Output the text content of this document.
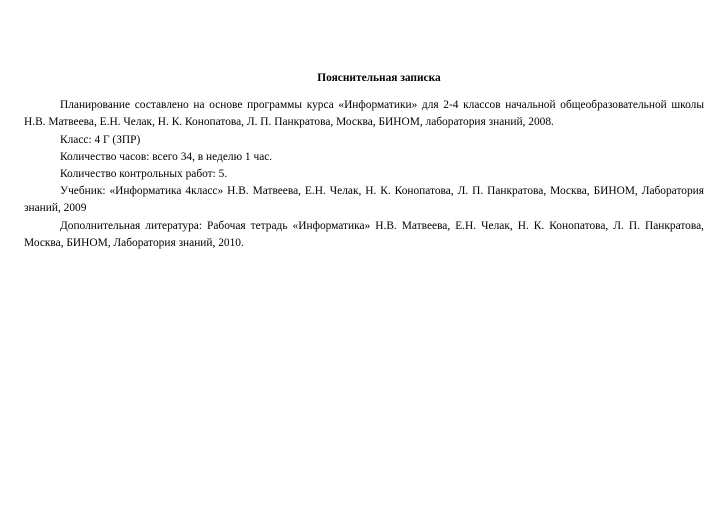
Пояснительная записка

Планирование составлено на основе программы курса «Информатики» для 2-4 классов начальной общеобразовательной школы Н.В. Матвеева, Е.Н. Челак, Н. К. Конопатова, Л. П. Панкратова, Москва, БИНОМ, лаборатория знаний, 2008.

Класс: 4 Г (ЗПР)

Количество часов: всего 34, в неделю 1 час.

Количество контрольных работ: 5.

Учебник: «Информатика 4класс» Н.В. Матвеева, Е.Н. Челак, Н. К. Конопатова, Л. П. Панкратова, Москва, БИНОМ, Лаборатория знаний, 2009

Дополнительная литература: Рабочая тетрадь «Информатика» Н.В. Матвеева, Е.Н. Челак, Н. К. Конопатова, Л. П. Панкратова, Москва, БИНОМ, Лаборатория знаний, 2010.
